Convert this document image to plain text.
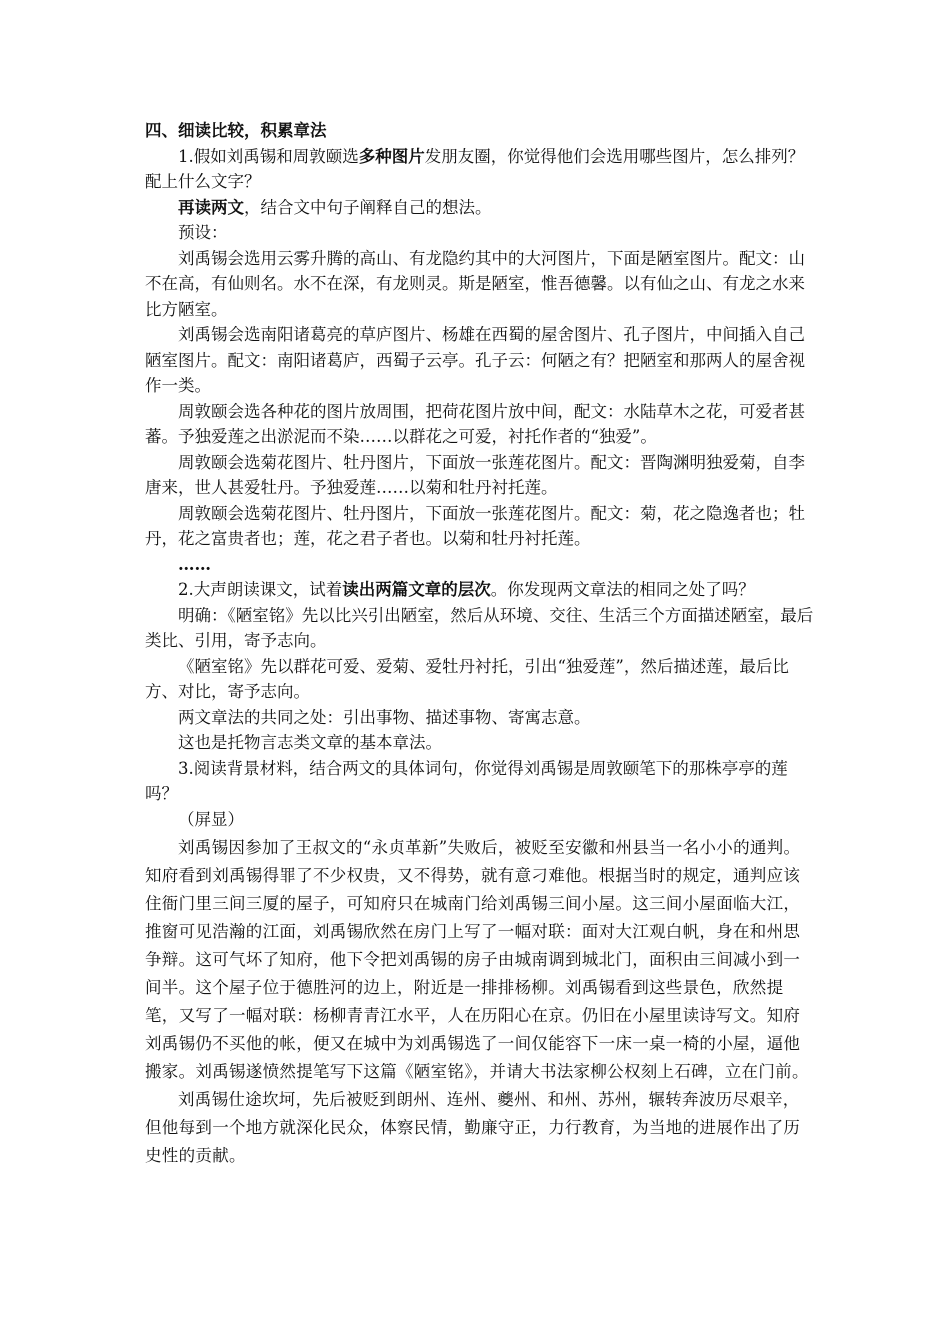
四、细读比较，积累章法

1.假如刘禹锡和周敦颐选多种图片发朋友圈，你觉得他们会选用哪些图片，怎么排列？配上什么文字？

再读两文，结合文中句子阐释自己的想法。

预设：

刘禹锡会选用云雾升腾的高山、有龙隐约其中的大河图片，下面是陋室图片。配文：山不在高，有仙则名。水不在深，有龙则灵。斯是陋室，惟吾德馨。以有仙之山、有龙之水来比方陋室。

刘禹锡会选南阳诸葛亮的草庐图片、杨雄在西蜀的屋舍图片、孔子图片，中间插入自己陋室图片。配文：南阳诸葛庐，西蜀子云亭。孔子云：何陋之有？把陋室和那两人的屋舍视作一类。

周敦颐会选各种花的图片放周围，把荷花图片放中间，配文：水陆草木之花，可爱者甚蕃。予独爱莲之出淤泥而不染……以群花之可爱，衬托作者的“独爱”。

周敦颐会选菊花图片、牡丹图片，下面放一张莲花图片。配文：晋陶渊明独爱菊，自李唐来，世人甚爱牡丹。予独爱莲……以菊和牡丹衬托莲。

周敦颐会选菊花图片、牡丹图片，下面放一张莲花图片。配文：菊，花之隐逸者也；牡丹，花之富贵者也；莲，花之君子者也。以菊和牡丹衬托莲。

……

2.大声朗读课文，试着读出两篇文章的层次。你发现两文章法的相同之处了吗？

明确：《陋室铭》先以比兴引出陋室，然后从环境、交往、生活三个方面描述陋室，最后类比、引用，寄予志向。

《陋室铭》先以群花可爱、爱菊、爱牡丹衬托，引出“独爱莲”，然后描述莲，最后比方、对比，寄予志向。

两文章法的共同之处：引出事物、描述事物、寄寓志意。

这也是托物言志类文章的基本章法。

3.阅读背景材料，结合两文的具体词句，你觉得刘禹锡是周敦颐笔下的那株亭亭的莲吗？

（屏显）

刘禹锡因参加了王叔文的“永贞革新”失败后，被贬至安徽和州县当一名小小的通判。知府看到刘禹锡得罪了不少权贵，又不得势，就有意刁难他。根据当时的规定，通判应该住衙门里三间三厦的屋子，可知府只在城南门给刘禹锡三间小屋。这三间小屋面临大江，推窗可见浩瀚的江面，刘禹锡欣然在房门上写了一幅对联：面对大江观白帆，身在和州思争辩。这可气坏了知府，他下令把刘禹锡的房子由城南调到城北门，面积由三间减小到一间半。这个屋子位于德胜河的边上，附近是一排排杨柳。刘禹锡看到这些景色，欣然提笔，又写了一幅对联：杨柳青青江水平，人在历阳心在京。仍旧在小屋里读诗写文。知府刘禹锡仍不买他的帐，便又在城中为刘禹锡选了一间仅能容下一床一桌一椅的小屋，逼他搬家。刘禹锡遂愤然提笔写下这篇《陋室铭》，并请大书法家柳公权刻上石碑，立在门前。

刘禹锡仕途坎坷，先后被贬到朗州、连州、夔州、和州、苏州，辗转奔波历尽艰辛，但他每到一个地方就深化民众，体察民情，勤廉守正，力行教育，为当地的进展作出了历史性的贡献。
